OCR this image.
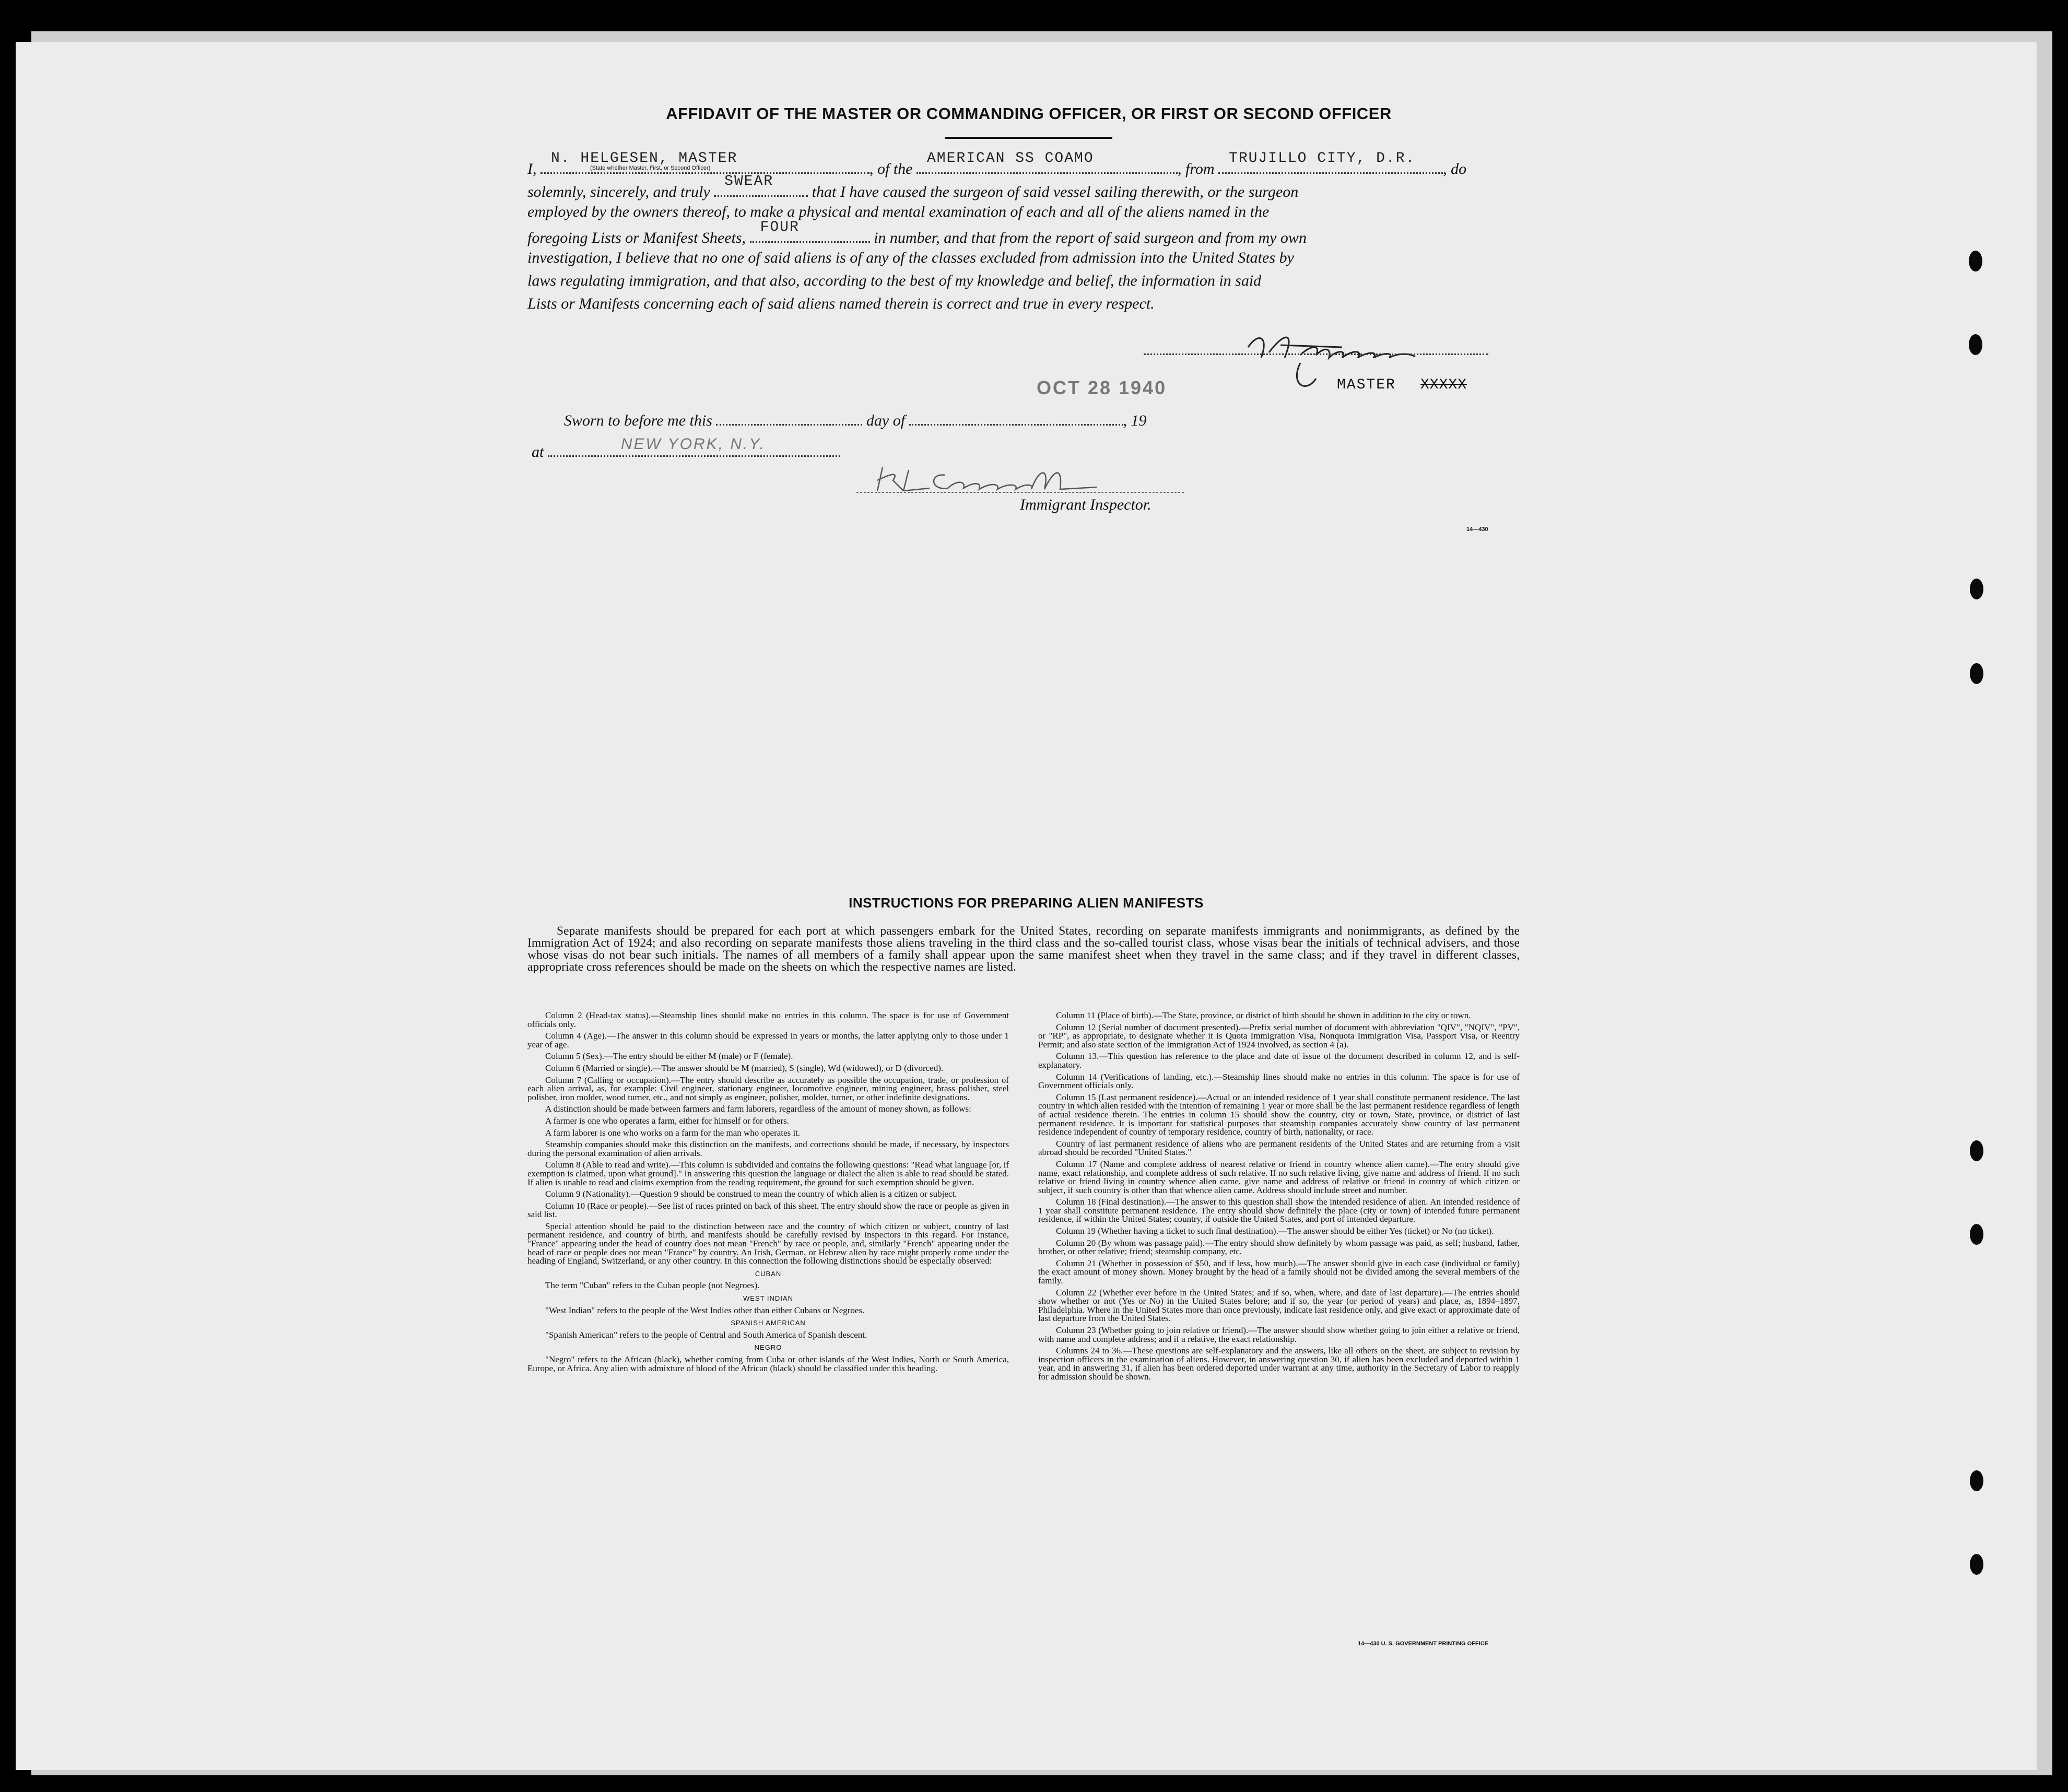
AFFIDAVIT OF THE MASTER OR COMMANDING OFFICER, OR FIRST OR SECOND OFFICER
I,
N. HELGESEN, MASTER
(State whether Master, First, or Second Officer)	, of the
AMERICAN SS COAMO
, from
TRUJILLO CITY, D.R.
, do
solemnly, sincerely, and truly
SWEAR
that I have caused the surgeon of said vessel sailing therewith, or the surgeon
employed by the owners thereof, to make a physical and mental examination of each and all of the aliens named in the
foregoing Lists or Manifest Sheets,
FOUR
in number, and that from the report of said surgeon and from my own
investigation, I believe that no one of said aliens is of any of the classes excluded from admission into the United States by
laws regulating immigration, and that also, according to the best of my knowledge and belief, the information in said
Lists or Manifests concerning each of said aliens named therein is correct and true in every respect.
MASTER XXXXX
OCT 28 1940
Sworn to before me this	day of	, 19
at	NEW YORK, N.Y.
Immigrant Inspector.
14—430
INSTRUCTIONS FOR PREPARING ALIEN MANIFESTS
Separate manifests should be prepared for each port at which passengers embark for the United States, recording on separate manifests immigrants and nonimmigrants, as defined by the Immigration Act of 1924; and also recording on separate manifests those aliens traveling in the third class and the so-called tourist class, whose visas bear the initials of technical advisers, and those whose visas do not bear such initials. The names of all members of a family shall appear upon the same manifest sheet when they travel in the same class; and if they travel in different classes, appropriate cross references should be made on the sheets on which the respective names are listed.

Column 2 (Head-tax status).—Steamship lines should make no entries in this column. The space is for use of Government officials only.

Column 4 (Age).—The answer in this column should be expressed in years or months, the latter applying only to those under 1 year of age.

Column 5 (Sex).—The entry should be either M (male) or F (female).

Column 6 (Married or single).—The answer should be M (married), S (single), Wd (widowed), or D (divorced).

Column 7 (Calling or occupation).—The entry should describe as accurately as possible the occupation, trade, or profession of each alien arrival, as, for example: Civil engineer, stationary engineer, locomotive engineer, mining engineer, brass polisher, steel polisher, iron molder, wood turner, etc., and not simply as engineer, polisher, molder, turner, or other indefinite designations.

A distinction should be made between farmers and farm laborers, regardless of the amount of money shown, as follows:

A farmer is one who operates a farm, either for himself or for others.

A farm laborer is one who works on a farm for the man who operates it.

Steamship companies should make this distinction on the manifests, and corrections should be made, if necessary, by inspectors during the personal examination of alien arrivals.

Column 8 (Able to read and write).—This column is subdivided and contains the following questions: "Read what language [or, if exemption is claimed, upon what ground]." In answering this question the language or dialect the alien is able to read should be stated. If alien is unable to read and claims exemption from the reading requirement, the ground for such exemption should be given.

Column 9 (Nationality).—Question 9 should be construed to mean the country of which alien is a citizen or subject.

Column 10 (Race or people).—See list of races printed on back of this sheet. The entry should show the race or people as given in said list.

Special attention should be paid to the distinction between race and the country of which citizen or subject, country of last permanent residence, and country of birth, and manifests should be carefully revised by inspectors in this regard. For instance, "France" appearing under the head of country does not mean "French" by race or people, and, similarly "French" appearing under the head of race or people does not mean "France" by country. An Irish, German, or Hebrew alien by race might properly come under the heading of England, Switzerland, or any other country. In this connection the following distinctions should be especially observed:

CUBAN

The term "Cuban" refers to the Cuban people (not Negroes).

WEST INDIAN

"West Indian" refers to the people of the West Indies other than either Cubans or Negroes.

SPANISH AMERICAN

"Spanish American" refers to the people of Central and South America of Spanish descent.

NEGRO

"Negro" refers to the African (black), whether coming from Cuba or other islands of the West Indies, North or South America, Europe, or Africa. Any alien with admixture of blood of the African (black) should be classified under this heading.

Column 11 (Place of birth).—The State, province, or district of birth should be shown in addition to the city or town.

Column 12 (Serial number of document presented).—Prefix serial number of document with abbreviation "QIV", "NQIV", "PV", or "RP", as appropriate, to designate whether it is Quota Immigration Visa, Nonquota Immigration Visa, Passport Visa, or Reentry Permit; and also state section of the Immigration Act of 1924 involved, as section 4 (a).

Column 13.—This question has reference to the place and date of issue of the document described in column 12, and is self-explanatory.

Column 14 (Verifications of landing, etc.).—Steamship lines should make no entries in this column. The space is for use of Government officials only.

Column 15 (Last permanent residence).—Actual or an intended residence of 1 year shall constitute permanent residence. The last country in which alien resided with the intention of remaining 1 year or more shall be the last permanent residence regardless of length of actual residence therein. The entries in column 15 should show the country, city or town, State, province, or district of last permanent residence. It is important for statistical purposes that steamship companies accurately show country of last permanent residence independent of country of temporary residence, country of birth, nationality, or race.

Country of last permanent residence of aliens who are permanent residents of the United States and are returning from a visit abroad should be recorded "United States."

Column 17 (Name and complete address of nearest relative or friend in country whence alien came).—The entry should give name, exact relationship, and complete address of such relative. If no such relative living, give name and address of friend. If no such relative or friend living in country whence alien came, give name and address of relative or friend in country of which citizen or subject, if such country is other than that whence alien came. Address should include street and number.

Column 18 (Final destination).—The answer to this question shall show the intended residence of alien. An intended residence of 1 year shall constitute permanent residence. The entry should show definitely the place (city or town) of intended future permanent residence, if within the United States; country, if outside the United States, and port of intended departure.

Column 19 (Whether having a ticket to such final destination).—The answer should be either Yes (ticket) or No (no ticket).

Column 20 (By whom was passage paid).—The entry should show definitely by whom passage was paid, as self; husband, father, brother, or other relative; friend; steamship company, etc.

Column 21 (Whether in possession of $50, and if less, how much).—The answer should give in each case (individual or family) the exact amount of money shown. Money brought by the head of a family should not be divided among the several members of the family.

Column 22 (Whether ever before in the United States; and if so, when, where, and date of last departure).—The entries should show whether or not (Yes or No) in the United States before; and if so, the year (or period of years) and place, as, 1894–1897, Philadelphia. Where in the United States more than once previously, indicate last residence only, and give exact or approximate date of last departure from the United States.

Column 23 (Whether going to join relative or friend).—The answer should show whether going to join either a relative or friend, with name and complete address; and if a relative, the exact relationship.

Columns 24 to 36.—These questions are self-explanatory and the answers, like all others on the sheet, are subject to revision by inspection officers in the examination of aliens. However, in answering question 30, if alien has been excluded and deported within 1 year, and in answering 31, if alien has been ordered deported under warrant at any time, authority in the Secretary of Labor to reapply for admission should be shown.

14—430 U. S. GOVERNMENT PRINTING OFFICE
